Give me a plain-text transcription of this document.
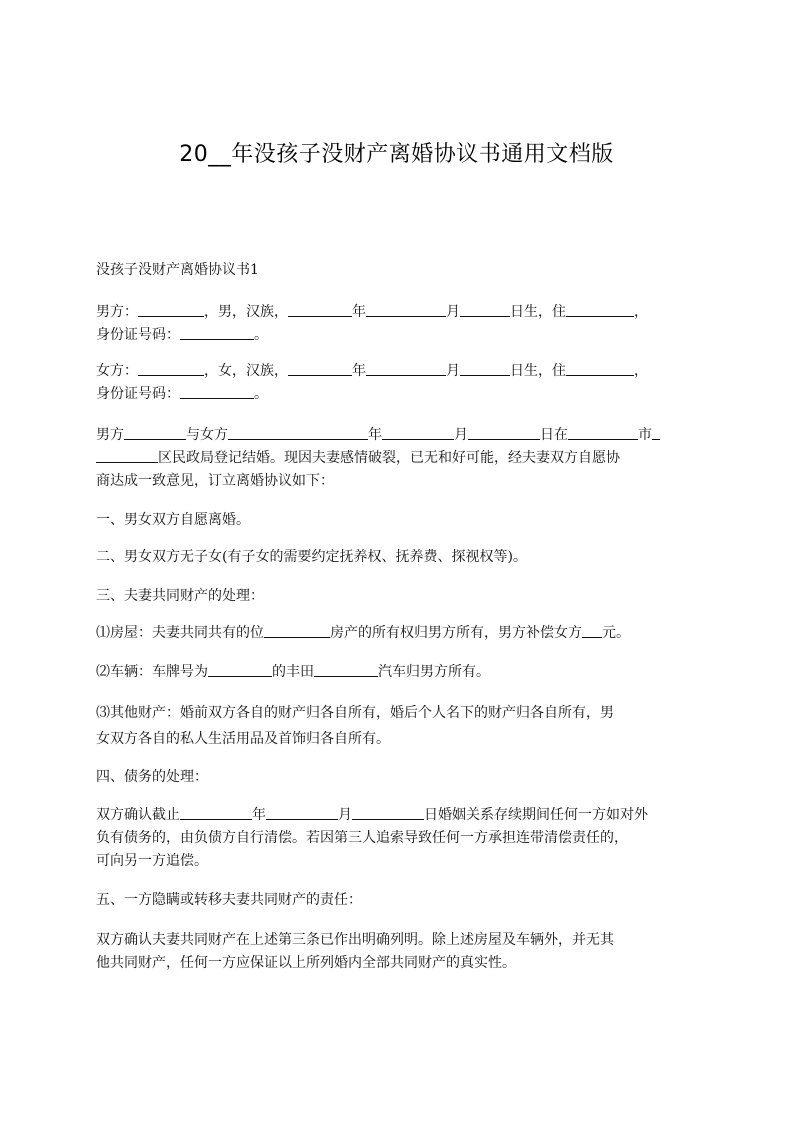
20__年没孩子没财产离婚协议书通用文档版
没孩子没财产离婚协议书1
男方：	，男，汉族，	年	月	日生，住	，
身份证号码：	。
女方：	，女，汉族，	年	月	日生，住	，
身份证号码：	。
男方	与女方	年	月	日在	市
区民政局登记结婚。现因夫妻感情破裂，已无和好可能，经夫妻双方自愿协
商达成一致意见，订立离婚协议如下：
一、男女双方自愿离婚。
二、男女双方无子女(有子女的需要约定抚养权、抚养费、探视权等)。
三、夫妻共同财产的处理：
⑴房屋：夫妻共同共有的位	房产的所有权归男方所有，男方补偿女方 元。
⑵车辆：车牌号为	的丰田	汽车归男方所有。
⑶其他财产：婚前双方各自的财产归各自所有，婚后个人名下的财产归各自所有，男
女双方各自的私人生活用品及首饰归各自所有。
四、债务的处理：
双方确认截止	年	月	日婚姻关系存续期间任何一方如对外
负有债务的，由负债方自行清偿。若因第三人追索导致任何一方承担连带清偿责任的，
可向另一方追偿。
五、一方隐瞒或转移夫妻共同财产的责任：
双方确认夫妻共同财产在上述第三条已作出明确列明。除上述房屋及车辆外，并无其
他共同财产，任何一方应保证以上所列婚内全部共同财产的真实性。
